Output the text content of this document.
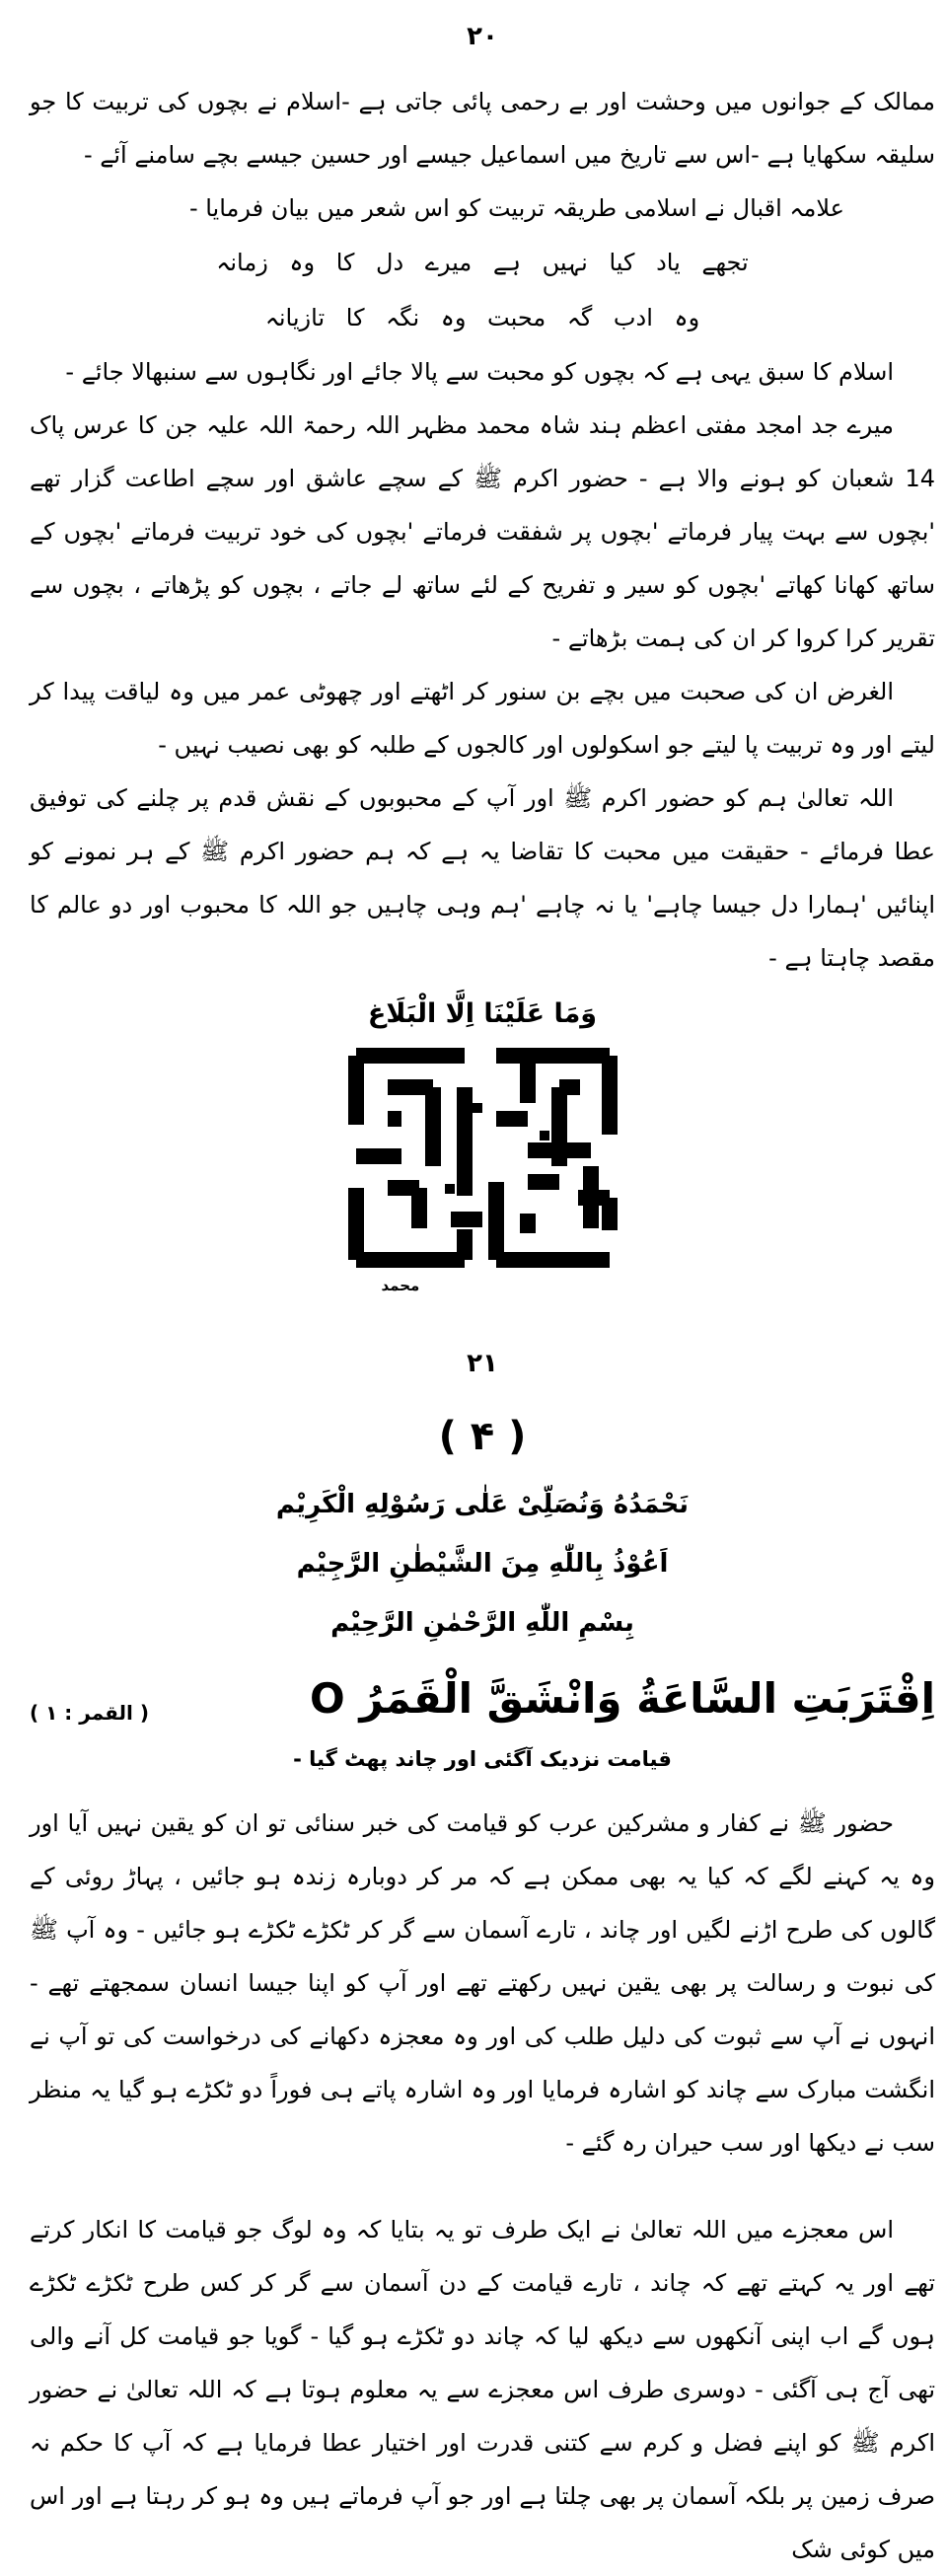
۲۰

ممالک کے جوانوں میں وحشت اور بے رحمی پائی جاتی ہے -اسلام نے بچوں کی تربیت کا جو سلیقہ سکھایا ہے -اس سے تاریخ میں اسماعیل جیسے اور حسین جیسے بچے سامنے آئے -

علامہ اقبال نے اسلامی طریقہ تربیت کو اس شعر میں بیان فرمایا -

تجھے یاد کیا نہیں ہے میرے دل کا وہ زمانہ
وہ ادب گہ محبت وہ نگہ کا تازیانہ

اسلام کا سبق یہی ہے کہ بچوں کو محبت سے پالا جائے اور نگاہوں سے سنبھالا جائے -

میرے جد امجد مفتی اعظم ہند شاہ محمد مظہر اللہ رحمۃ اللہ علیہ جن کا عرس پاک 14 شعبان کو ہونے والا ہے - حضور اکرم ﷺ کے سچے عاشق اور سچے اطاعت گزار تھے 'بچوں سے بہت پیار فرماتے 'بچوں پر شفقت فرماتے 'بچوں کی خود تربیت فرماتے 'بچوں کے ساتھ کھانا کھاتے 'بچوں کو سیر و تفریح کے لئے ساتھ لے جاتے ، بچوں کو پڑھاتے ، بچوں سے تقریر کرا کروا کر ان کی ہمت بڑھاتے -

الغرض ان کی صحبت میں بچے بن سنور کر اٹھتے اور چھوٹی عمر میں وہ لیاقت پیدا کر لیتے اور وہ تربیت پا لیتے جو اسکولوں اور کالجوں کے طلبہ کو بھی نصیب نہیں -

اللہ تعالیٰ ہم کو حضور اکرم ﷺ اور آپ کے محبوبوں کے نقش قدم پر چلنے کی توفیق عطا فرمائے - حقیقت میں محبت کا تقاضا یہ ہے کہ ہم حضور اکرم ﷺ کے ہر نمونے کو اپنائیں 'ہمارا دل جیسا چاہے' یا نہ چاہے 'ہم وہی چاہیں جو اللہ کا محبوب اور دو عالم کا مقصد چاہتا ہے -

وَمَا عَلَيْنَا اِلَّا الْبَلَاغ
محمد
۲۱
( ۴ )
نَحْمَدُهُ وَنُصَلِّىْ عَلٰى رَسُوْلِهِ الْكَرِيْم
اَعُوْذُ بِاللّٰهِ مِنَ الشَّيْطٰنِ الرَّجِيْم
بِسْمِ اللّٰهِ الرَّحْمٰنِ الرَّحِيْم
اِقْتَرَبَتِ السَّاعَةُ وَانْشَقَّ الْقَمَرُ O
( القمر : ۱ )
قیامت نزدیک آگئی اور چاند پھٹ گیا -

حضور ﷺ نے کفار و مشرکین عرب کو قیامت کی خبر سنائی تو ان کو یقین نہیں آیا اور وہ یہ کہنے لگے کہ کیا یہ بھی ممکن ہے کہ مر کر دوبارہ زندہ ہو جائیں ، پہاڑ روئی کے گالوں کی طرح اڑنے لگیں اور چاند ، تارے آسمان سے گر کر ٹکڑے ٹکڑے ہو جائیں - وہ آپ ﷺ کی نبوت و رسالت پر بھی یقین نہیں رکھتے تھے اور آپ کو اپنا جیسا انسان سمجھتے تھے - انہوں نے آپ سے ثبوت کی دلیل طلب کی اور وہ معجزہ دکھانے کی درخواست کی تو آپ نے انگشت مبارک سے چاند کو اشارہ فرمایا اور وہ اشارہ پاتے ہی فوراً دو ٹکڑے ہو گیا یہ منظر سب نے دیکھا اور سب حیران رہ گئے -

اس معجزے میں اللہ تعالیٰ نے ایک طرف تو یہ بتایا کہ وہ لوگ جو قیامت کا انکار کرتے تھے اور یہ کہتے تھے کہ چاند ، تارے قیامت کے دن آسمان سے گر کر کس طرح ٹکڑے ٹکڑے ہوں گے اب اپنی آنکھوں سے دیکھ لیا کہ چاند دو ٹکڑے ہو گیا - گویا جو قیامت کل آنے والی تھی آج ہی آگئی - دوسری طرف اس معجزے سے یہ معلوم ہوتا ہے کہ اللہ تعالیٰ نے حضور اکرم ﷺ کو اپنے فضل و کرم سے کتنی قدرت اور اختیار عطا فرمایا ہے کہ آپ کا حکم نہ صرف زمین پر بلکہ آسمان پر بھی چلتا ہے اور جو آپ فرماتے ہیں وہ ہو کر رہتا ہے اور اس میں کوئی شک
